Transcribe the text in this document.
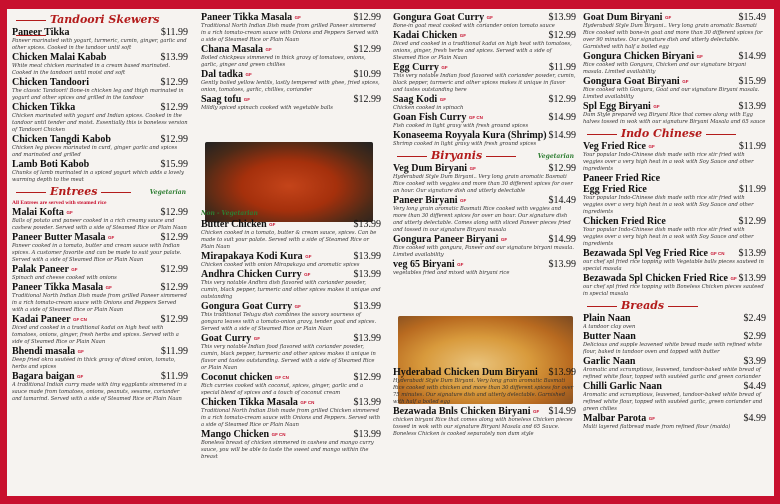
Tandoori Skewers
Paneer Tikka	$11.99
Paneer marinated with yogurt, turmeric, cumin, ginger, garlic and other spices. Cooked in the tandoor until soft
Chicken Malai Kabab	$13.99
White meat chicken marinated in a cream based marinated. Cooked in the tandoori until moist and soft
Chicken Tandoori	$12.99
The classic Tandoori! Bone-in chicken leg and thigh marinated in yogurt and other spices and grilled in the tandoor
Chicken Tikka	$12.99
Chicken marinated with yogurt and Indian spices. Cooked in the tandoor until tender and moist. Essentially this is boneless version of Tandoori Chicken
Chicken Tangdi Kabob	$12.99
Chicken leg pieces marinated in curd, ginger garlic and spices and marinated and grilled
Lamb Boti Kabob	$15.99
Chunks of lamb marinated in a spiced yogurt which adds a lovely warming depth to the meat
Entrees	Vegetarian
All Entrees are served with steamed rice
Malai Kofta $^{GF}$	$12.99
Balls of potato and paneer cooked in a rich creamy sauce and cashew powder. Served with a side of Steamed Rice or Plain Naan
Paneer Butter Masala $^{GF}$	$12.99
Paneer cooked in a tomato, butter and cream sauce with Indian spices. A customer favorite and can be made to suit your palate. Served with a side of Steamed Rice or Plain Naan
Palak Paneer $^{GF}$	$12.99
Spinach and cheese cooked with onions
Paneer Tikka Masala $^{GF}$	$12.99
Traditional North Indian Dish made from grilled Paneer simmered in a rich tomato-cream sauce with Onions and Peppers Served with a side of Steamed Rice or Plain Naan
Kadai Paneer $^{GF CN}$	$12.99
Diced and cooked in a traditional kadai on high heat with tomatoes, onions, ginger, fresh herbs and spices. Served with a side of Steamed Rice or Plain Naan
Bhendi masala $^{GF}$	$11.99
Deep fried okra sautéed in thick gravy of diced onion, tomato, herbs and spices
Bagara baigan $^{GF}$	$11.99
A traditional Indian curry made with tiny eggplants simmered in a sauce made from tomatoes, onions, peanuts, sesame, coriander and tamarind. Served with a side of Steamed Rice or Plain Naan
Paneer Tikka Masala $^{GF}$	$12.99
Traditional North Indian Dish made from grilled Paneer simmered in a rich tomato-cream sauce with Onions and Peppers Served with a side of Steamed Rice or Plain Naan
Chana Masala $^{GF}$	$12.99
Boiled chickpeas simmered in thick gravy of tomatoes, onions, garlic, ginger and green chillies
Dal tadka $^{GF}$	$10.99
Gently boiled yellow lentils, lastly tempered with ghee, fried spices, onion, tomatoes, garlic, chillies, coriander
Saag tofu $^{GF}$	$12.99
Mildly spiced spinach cooked with vegetable balls
Non - Vegetarian
Butter Chicken $^{GF}$	$13.99
Chicken cooked in a tomato, butter & cream sauce, spices. Can be made to suit your palate. Served with a side of Steamed Rice or Plain Naan
Mirapakaya Kodi Kura $^{GF}$	$13.99
Chicken cooked with onion Mirapakaya and aromatic spices
Andhra Chicken Curry $^{GF}$	$13.99
This very notable Andhra dish flavored with coriander powder, cumin, black pepper, turmeric and other spices makes it unique and outstanding
Gongura Goat Curry $^{GF}$	$13.99
This traditional Telugu dish combines the savory sourness of gongura leaves with a tomato-onion gravy, tender goat and spices. Served with a side of Steamed Rice or Plain Naan
Goat Curry $^{GF}$	$13.99
This very notable Indian food flavored with coriander powder, cumin, black pepper, turmeric and other spices makes it unique in flavor and tastes outstanding. Served with a side of Steamed Rice or Plain Naan
Coconut chicken $^{GF CN}$	$12.99
Rich curries cooked with coconut, spices, ginger, garlic and a special blend of spices and a touch of coconut cream
Chicken Tikka Masala $^{GF CN}$	$13.99
Traditional North Indian Dish made from grilled Chicken simmered in a rich tomato-cream sauce with Onions and Peppers. Served with a side of Steamed Rice or Plain Naan
Mango Chicken $^{GF CN}$	$13.99
Boneless breast of chicken simmered in cashew and mango curry sauce, you will be able to taste the sweet and mango within the breast
Gongura Goat Curry $^{GF}$	$13.99
Bone-in goat meat cooked with coriander onion tomato sauce
Kadai Chicken $^{GF}$	$12.99
Diced and cooked in a traditional kadai on high heat with tomatoes, onions, ginger, fresh herbs and spices. Served with a side of Steamed Rice or Plain Naan
Egg Curry $^{GF}$	$11.99
This very notable Indian food flavored with coriander powder, cumin, black pepper, turmeric and other spices makes it unique in flavor and tastes outstanding here
Saag Kodi $^{GF}$	$12.99
Chicken cooked in spinach
Goan Fish Curry $^{GF CN}$	$14.99
Fish cooked in light gravy with fresh ground spices
Konaseema Royyala Kura (Shrimp) $14.99
Shrimp cooked in light gravy with fresh ground spices
Biryanis	Vegetarian
Veg Dum Biryani $^{GF}$	$12.99
Hyderabadi Style Dum Biryani.. Very long grain aromatic Basmati Rice cooked with veggies and more than 30 different spices for over an hour. Our signature dish and utterly delectable
Paneer Biryani $^{GF}$	$14.49
Very long grain aromatic Basmati Rice cooked with veggies and more than 30 different spices for over an hour. Our signature dish and utterly delectable. Comes along with sliced Paneer pieces fried and tossed in our signature Biryani masala
Gongura Paneer Biryani $^{GF}$	$14.99
Rice cooked with gongura, Paneer and our signature biryani masala. Limited availability
veg 65 Biryani $^{GF}$	$13.99
vegetables fried and mixed with biryani rice
Hyderabad Chicken Dum Biryani	$13.99
Hyderabadi Style Dum Biryani. Very long grain aromatic Basmati Rice cooked with chicken and more than 30 different spices for over 75 minutes. Our signature dish and utterly delectable. Garnished with half a boiled egg
Bezawada Bnls Chicken Biryani $^{GF}$ $14.99
chicken biryani Rice that comes along with boneless Chicken pieces tossed in wok with our signature Biryani Masala and 65 Sauce. Boneless Chicken is cooked separately non dum style
Goat Dum Biryani $^{GF}$	$15.49
Hyderabadi Style Dum Biryani.. Very long grain aromatic Basmati Rice cooked with bone-in goat and more than 30 different spices for over 90 minutes. Our signature dish and utterly delectable. Garnished with half a boiled egg
Gongura Chicken Biryani $^{GF}$	$14.99
Rice cooked with Gongura, Chicken and our signature biryani masala. Limited availability
Gongura Goat Biryani $^{GF}$	$15.99
Rice cooked with Gongura, Goat and our signature Biryani masala. Limited availability
Spl Egg Biryani $^{GF}$	$13.99
Dum Style prepared veg Biryani Rice that comes along with Egg halves tossed in wok with our signature Biryani Masala and 65 sauce
Indo Chinese
Veg Fried Rice $^{GF}$	$11.99
Your popular Indo-Chinese dish made with rice stir fried with veggies over a very high heat in a wok with Soy Sauce and other ingredients
Paneer Fried Rice
Egg Fried Rice	$11.99
Your popular Indo-Chinese dish made with rice stir fried with veggies over a very high heat in a wok with Soy Sauce and other ingredients
Chicken Fried Rice	$12.99
Your popular Indo-Chinese dish made with rice stir fried with veggies over a very high heat in a wok with Soy Sauce and other ingredients
Bezawada Spl Veg Fried Rice $^{GF CN}$	$13.99
our chef spl fried rice topping with Vegetable balls pieces sauteed in special masala
Bezawada Spl Chicken Fried Rice $^{GF}$ $13.99
our chef spl fried rice topping with Boneless Chicken pieces sauteed in special masala
Breads
Plain Naan	$2.49
A tandoor clay oven
Butter Naan	$2.99
Delicious and supple leavened white bread made with refined white flour, baked in tandoor oven and topped with butter
Garlic Naan	$3.99
Aromatic and scrumptious, leavened, tandoor-baked white bread of refined white flour, topped with sautéed garlic and green coriander
Chilli Garlic Naan	$4.49
Aromatic and scrumptious, leavened, tandoor-baked white bread of refined white flour, topped with sautéed garlic, green coriander and green chilies
Malbar Parota $^{GF}$	$4.99
Multi layered flatbread made from refined flour (maida)
